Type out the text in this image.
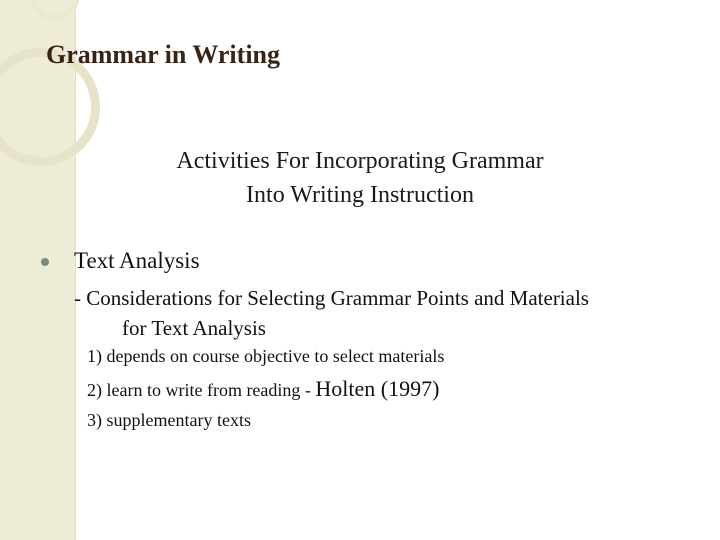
Grammar in Writing
Activities For Incorporating Grammar
Into Writing Instruction
Text Analysis
- Considerations for Selecting Grammar Points and Materials
for Text Analysis
1) depends on course objective to select materials
2) learn to write from reading - Holten (1997)
3) supplementary texts
